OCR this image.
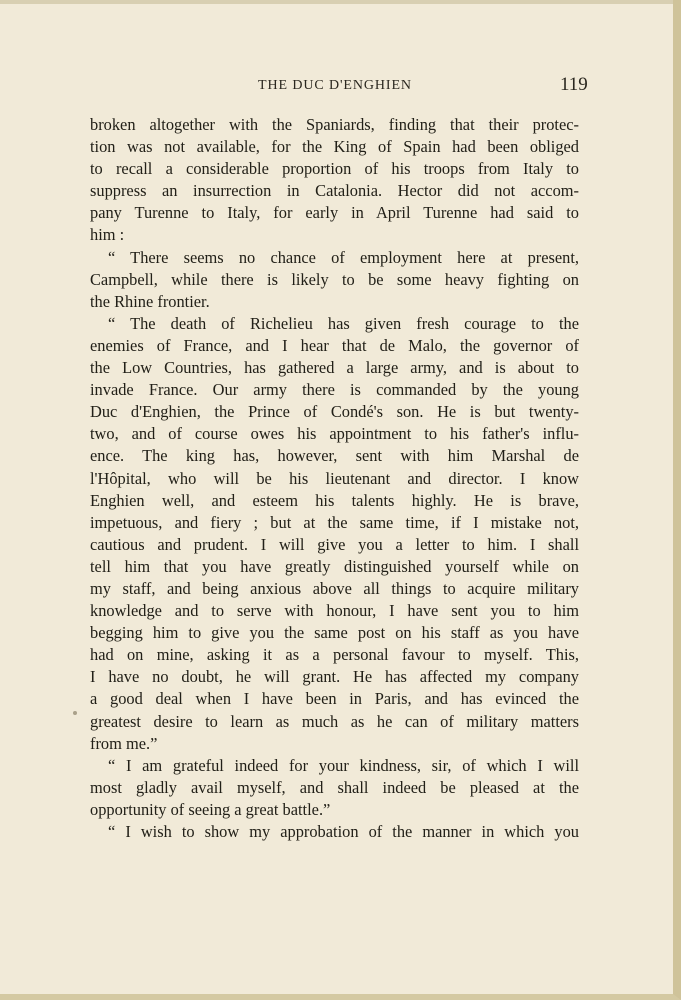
THE DUC D'ENGHIEN	119
broken altogether with the Spaniards, finding that their protec-
tion was not available, for the King of Spain had been obliged
to recall a considerable proportion of his troops from Italy to
suppress an insurrection in Catalonia. Hector did not accom-
pany Turenne to Italy, for early in April Turenne had said to
him :
“ There seems no chance of employment here at present,
Campbell, while there is likely to be some heavy fighting on
the Rhine frontier.
“ The death of Richelieu has given fresh courage to the
enemies of France, and I hear that de Malo, the governor of
the Low Countries, has gathered a large army, and is about to
invade France. Our army there is commanded by the young
Duc d'Enghien, the Prince of Condé's son. He is but twenty-
two, and of course owes his appointment to his father's influ-
ence. The king has, however, sent with him Marshal de
l'Hôpital, who will be his lieutenant and director. I know
Enghien well, and esteem his talents highly. He is brave,
impetuous, and fiery ; but at the same time, if I mistake not,
cautious and prudent. I will give you a letter to him. I shall
tell him that you have greatly distinguished yourself while on
my staff, and being anxious above all things to acquire military
knowledge and to serve with honour, I have sent you to him
begging him to give you the same post on his staff as you have
had on mine, asking it as a personal favour to myself. This,
I have no doubt, he will grant. He has affected my company
a good deal when I have been in Paris, and has evinced the
greatest desire to learn as much as he can of military matters
from me.”
“ I am grateful indeed for your kindness, sir, of which I will
most gladly avail myself, and shall indeed be pleased at the
opportunity of seeing a great battle.”
“ I wish to show my approbation of the manner in which you
